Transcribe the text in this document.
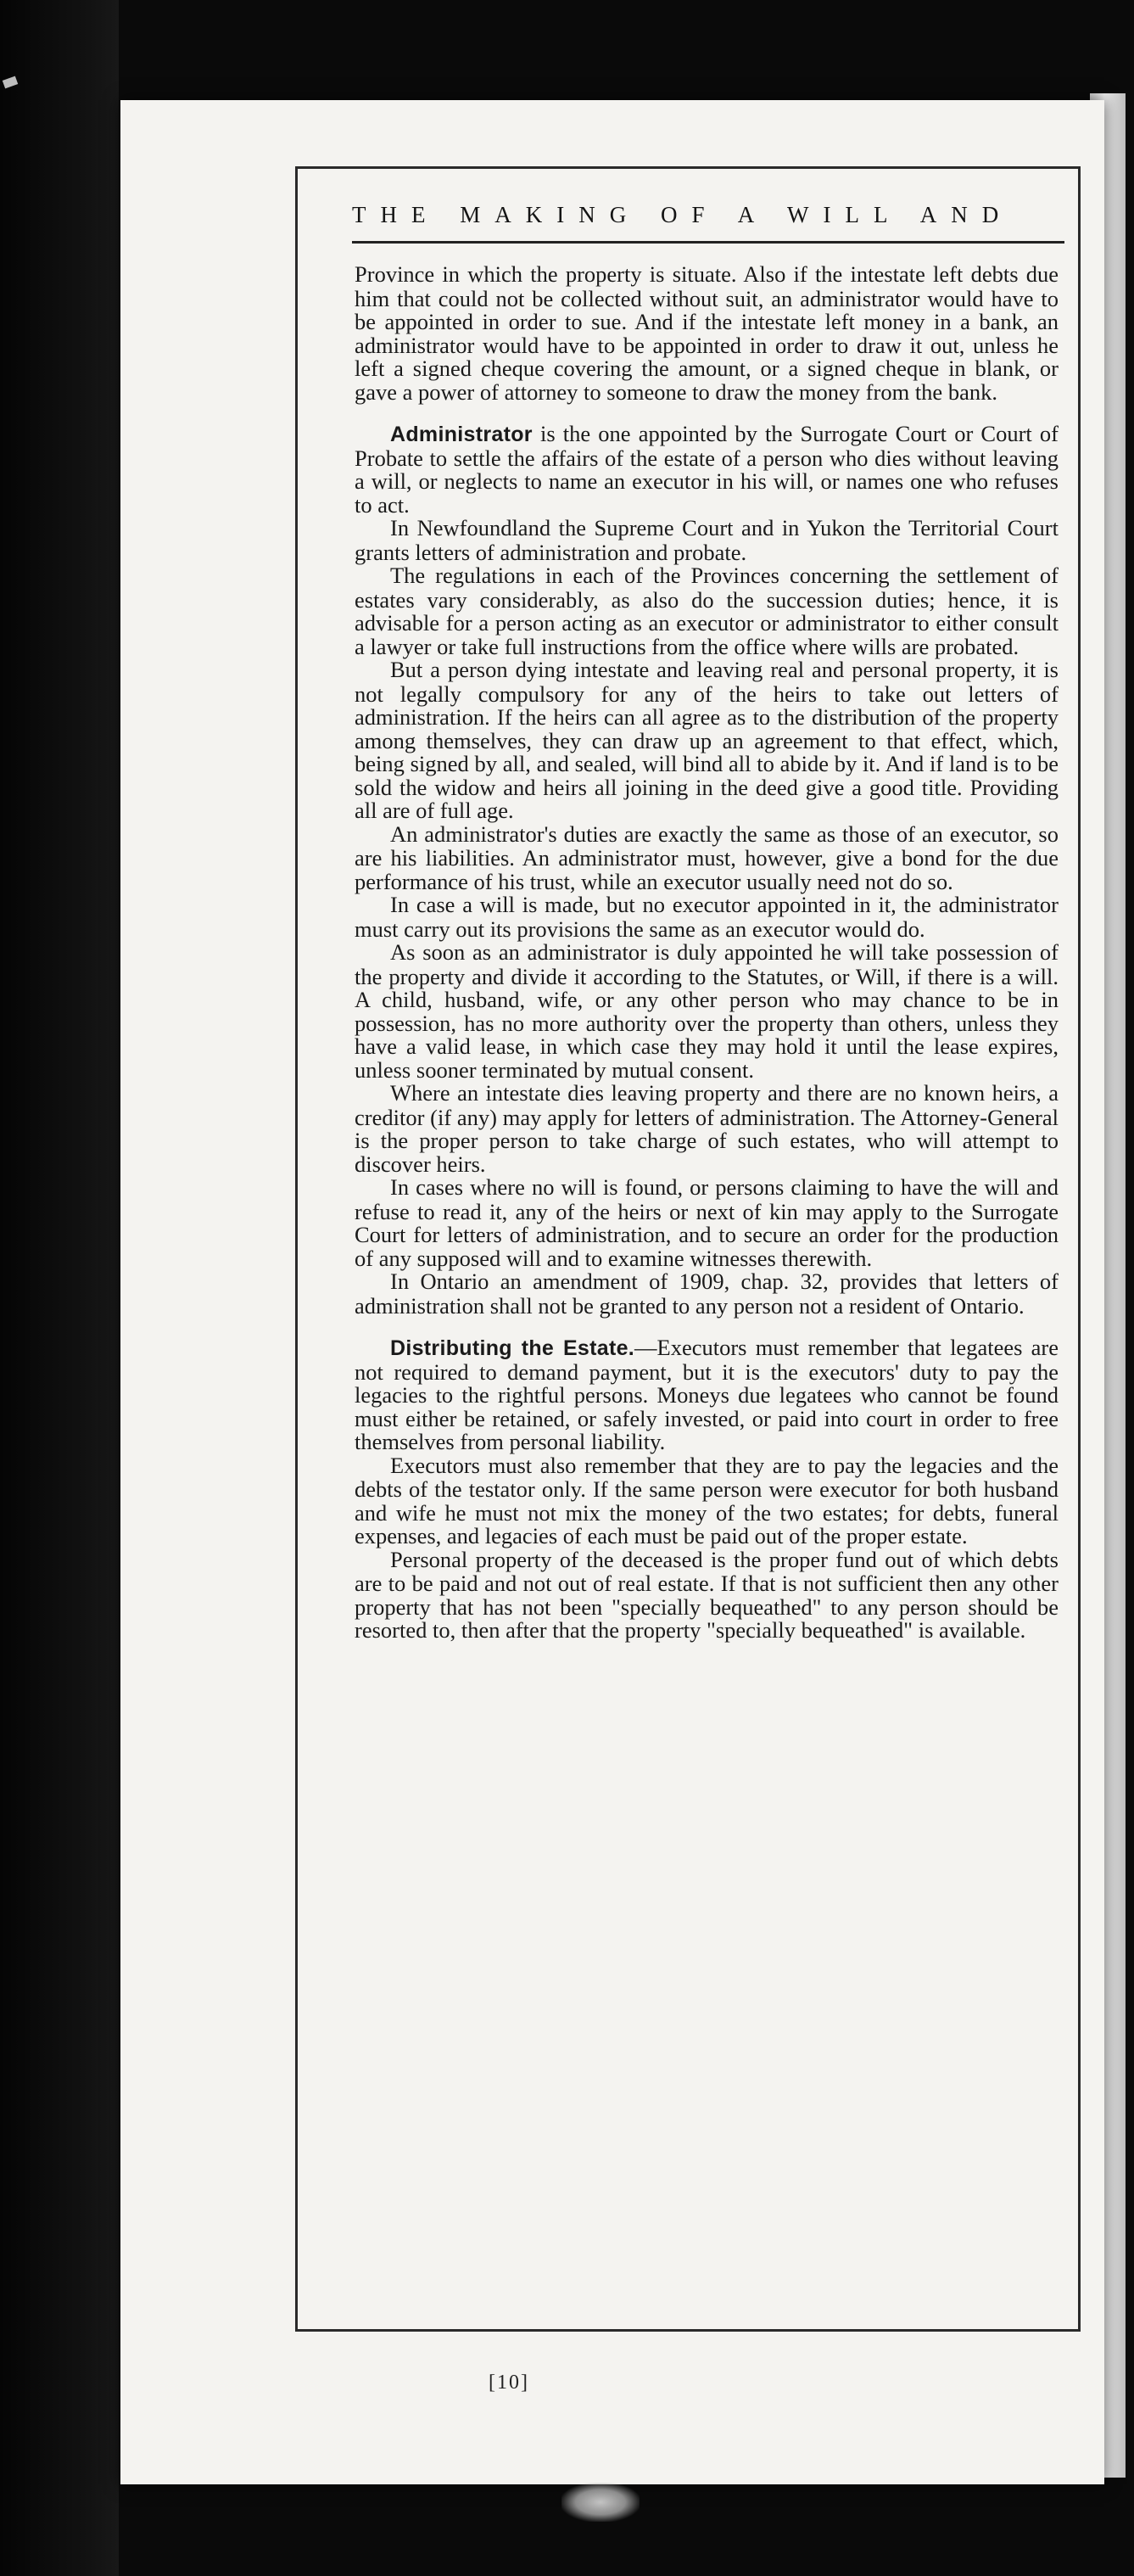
THE MAKING OF A WILL AND

Province in which the property is situate. Also if the intestate left debts due him that could not be collected without suit, an administrator would have to be appointed in order to sue. And if the intestate left money in a bank, an administrator would have to be appointed in order to draw it out, unless he left a signed cheque covering the amount, or a signed cheque in blank, or gave a power of attorney to someone to draw the money from the bank.

Administrator is the one appointed by the Surrogate Court or Court of Probate to settle the affairs of the estate of a person who dies without leaving a will, or neglects to name an executor in his will, or names one who refuses to act.

In Newfoundland the Supreme Court and in Yukon the Territorial Court grants letters of administration and probate.

The regulations in each of the Provinces concerning the settlement of estates vary considerably, as also do the succession duties; hence, it is advisable for a person acting as an executor or administrator to either consult a lawyer or take full instructions from the office where wills are probated.

But a person dying intestate and leaving real and personal property, it is not legally compulsory for any of the heirs to take out letters of administration. If the heirs can all agree as to the distribution of the property among themselves, they can draw up an agreement to that effect, which, being signed by all, and sealed, will bind all to abide by it. And if land is to be sold the widow and heirs all joining in the deed give a good title. Providing all are of full age.

An administrator's duties are exactly the same as those of an executor, so are his liabilities. An administrator must, however, give a bond for the due performance of his trust, while an executor usually need not do so.

In case a will is made, but no executor appointed in it, the administrator must carry out its provisions the same as an executor would do.

As soon as an administrator is duly appointed he will take possession of the property and divide it according to the Statutes, or Will, if there is a will. A child, husband, wife, or any other person who may chance to be in possession, has no more authority over the property than others, unless they have a valid lease, in which case they may hold it until the lease expires, unless sooner terminated by mutual consent.

Where an intestate dies leaving property and there are no known heirs, a creditor (if any) may apply for letters of administration. The Attorney-General is the proper person to take charge of such estates, who will attempt to discover heirs.

In cases where no will is found, or persons claiming to have the will and refuse to read it, any of the heirs or next of kin may apply to the Surrogate Court for letters of administration, and to secure an order for the production of any supposed will and to examine witnesses therewith.

In Ontario an amendment of 1909, chap. 32, provides that letters of administration shall not be granted to any person not a resident of Ontario.

Distributing the Estate.—Executors must remember that legatees are not required to demand payment, but it is the executors' duty to pay the legacies to the rightful persons. Moneys due legatees who cannot be found must either be retained, or safely invested, or paid into court in order to free themselves from personal liability.

Executors must also remember that they are to pay the legacies and the debts of the testator only. If the same person were executor for both husband and wife he must not mix the money of the two estates; for debts, funeral expenses, and legacies of each must be paid out of the proper estate.

Personal property of the deceased is the proper fund out of which debts are to be paid and not out of real estate. If that is not sufficient then any other property that has not been "specially bequeathed" to any person should be resorted to, then after that the property "specially bequeathed" is available.

[10]
